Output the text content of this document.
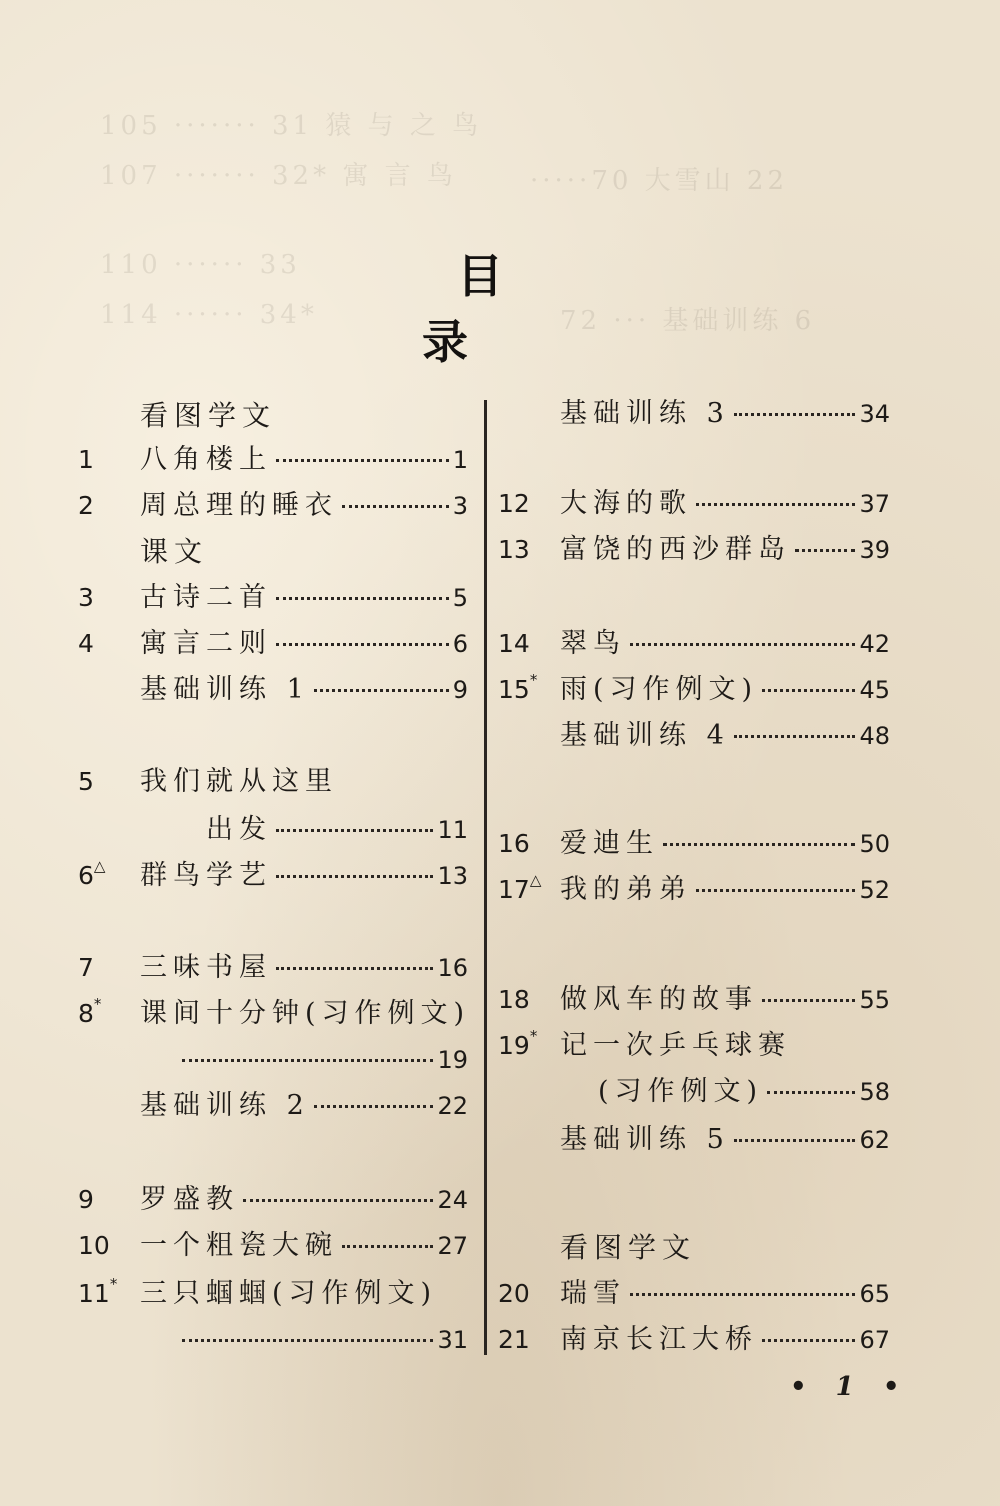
105 ······· 31 猿 与 之 鸟
107 ······· 32* 寓 言 鸟
110 ······ 33
114 ······ 34*
·····70 大雪山 22
72 ··· 基础训练 6
目 录
看图学文
1	八角楼上	1
2	周总理的睡衣	3
课文
3	古诗二首	5
4	寓言二则	6
基础训练 1	9
5	我们就从这里
出发	11
6△	群鸟学艺	13
7	三味书屋	16
8*	课间十分钟(习作例文)
19
基础训练 2	22
9	罗盛教	24
10	一个粗瓷大碗	27
11* 三只蝈蝈(习作例文)
31
基础训练 3	34
12	大海的歌	37
13	富饶的西沙群岛	39
14	翠鸟	42
15* 雨(习作例文)	45
基础训练 4	48
16	爱迪生	50
17△ 我的弟弟	52
18	做风车的故事	55
19* 记一次乒乓球赛
(习作例文)	58
基础训练 5	62
看图学文
20	瑞雪	65
21	南京长江大桥	67
• 1 •
